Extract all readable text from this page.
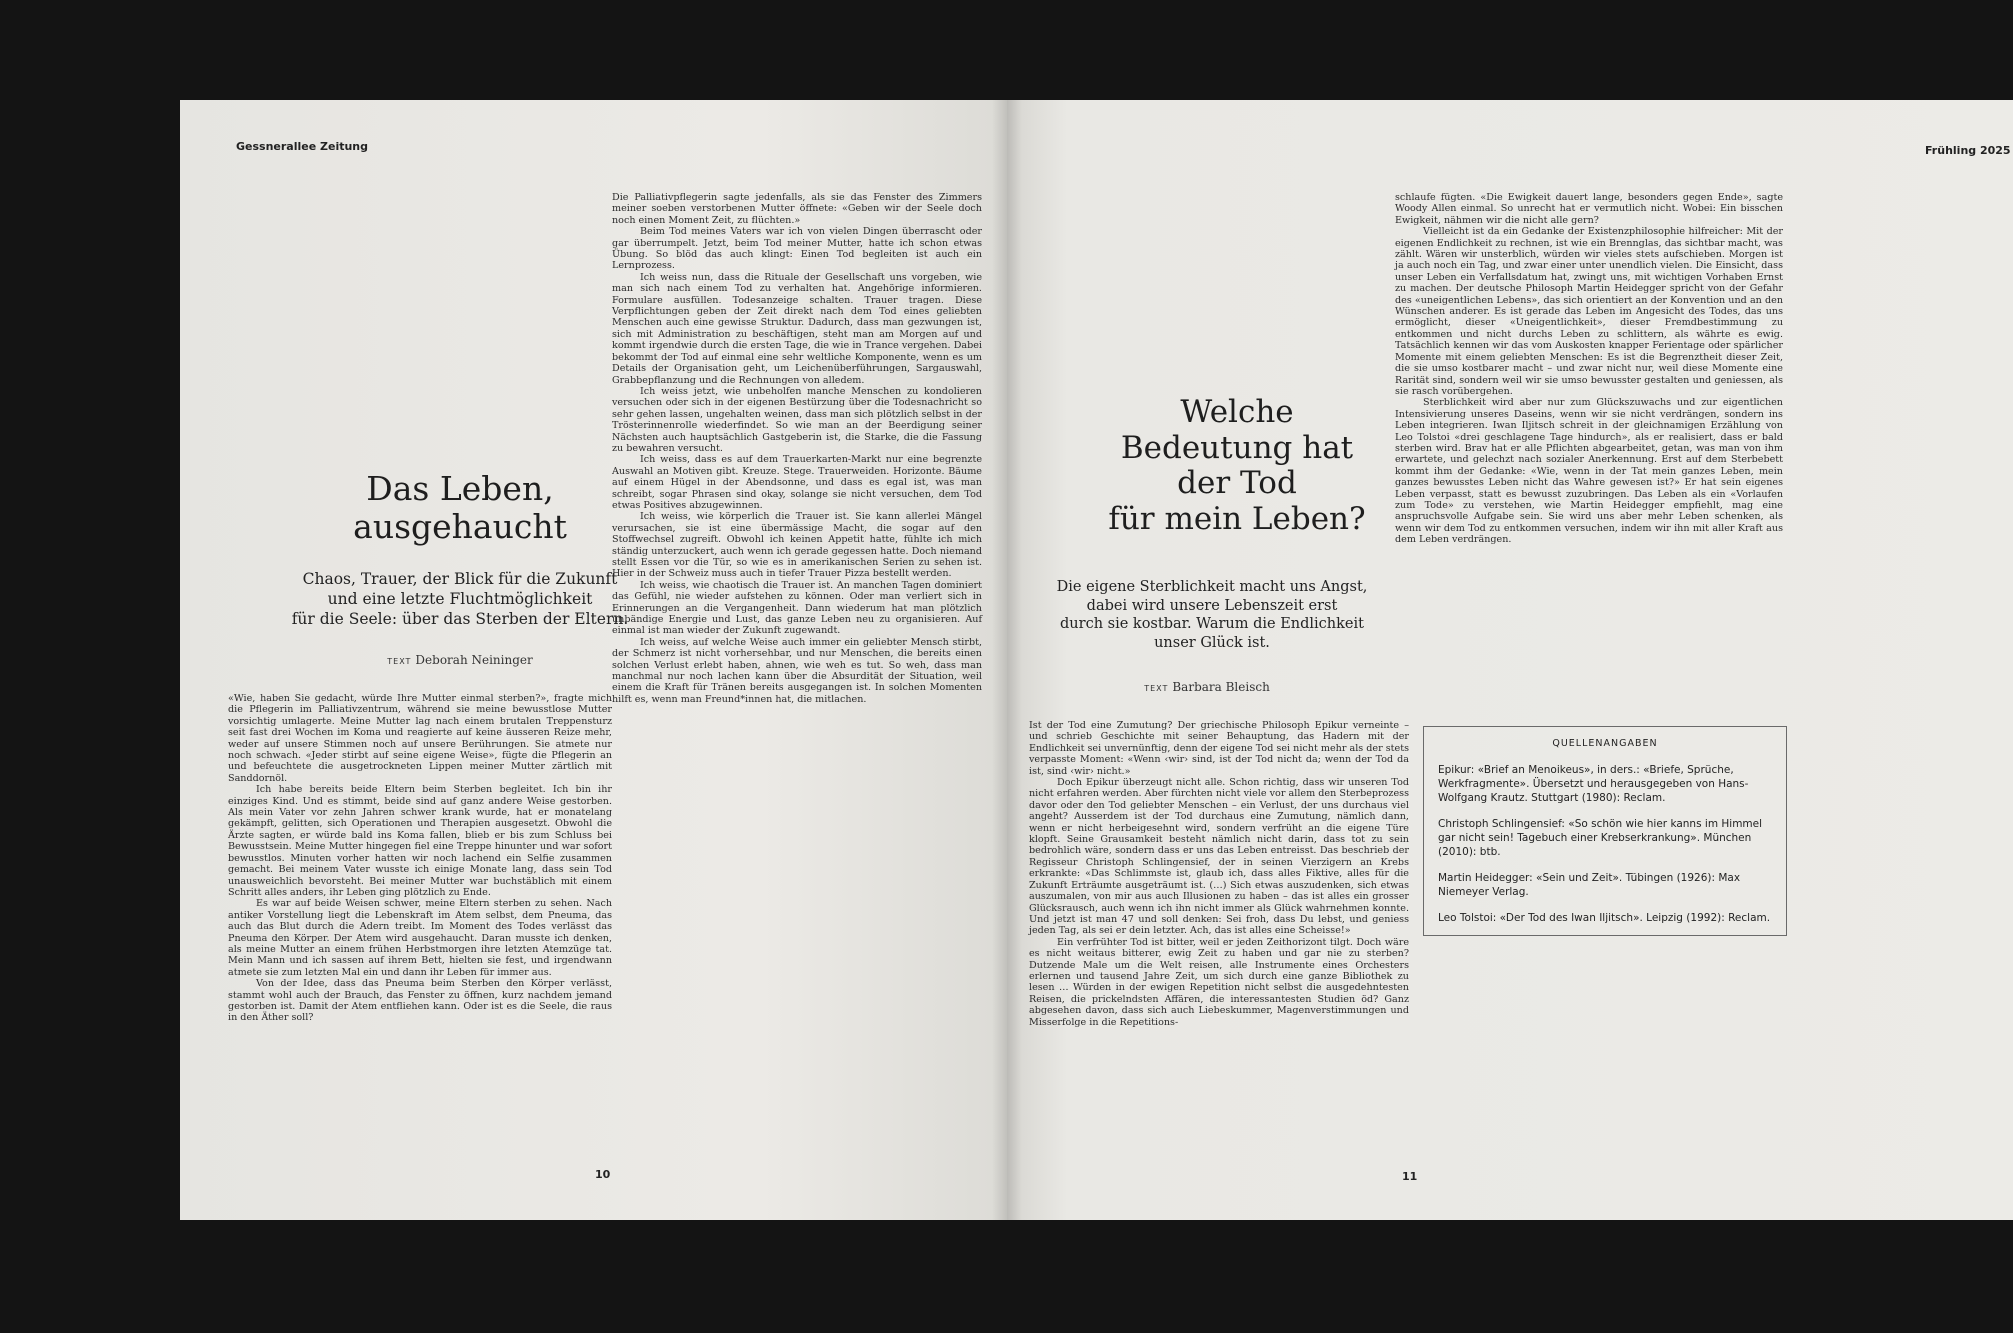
Gessnerallee Zeitung
Das Leben,
ausgehaucht
Chaos, Trauer, der Blick für die Zukunft
und eine letzte Fluchtmöglichkeit
für die Seele: über das Sterben der Eltern.
TEXT Deborah Neininger

«Wie, haben Sie gedacht, würde Ihre Mutter einmal sterben?», fragte mich die Pflegerin im Palliativzentrum, während sie meine bewusstlose Mutter vorsichtig umlagerte. Meine Mutter lag nach einem brutalen Treppensturz seit fast drei Wochen im Koma und reagierte auf keine äusseren Reize mehr, weder auf unsere Stimmen noch auf unsere Berührungen. Sie atmete nur noch schwach. «Jeder stirbt auf seine eigene Weise», fügte die Pflegerin an und befeuchtete die ausgetrockneten Lippen meiner Mutter zärtlich mit Sanddornöl.

Ich habe bereits beide Eltern beim Sterben begleitet. Ich bin ihr einziges Kind. Und es stimmt, beide sind auf ganz andere Weise gestorben. Als mein Vater vor zehn Jahren schwer krank wurde, hat er monatelang gekämpft, gelitten, sich Operationen und Therapien ausgesetzt. Obwohl die Ärzte sagten, er würde bald ins Koma fallen, blieb er bis zum Schluss bei Bewusstsein. Meine Mutter hingegen fiel eine Treppe hinunter und war sofort bewusstlos. Minuten vorher hatten wir noch lachend ein Selfie zusammen gemacht. Bei meinem Vater wusste ich einige Monate lang, dass sein Tod unausweichlich bevorsteht. Bei meiner Mutter war buchstäblich mit einem Schritt alles anders, ihr Leben ging plötzlich zu Ende.

Es war auf beide Weisen schwer, meine Eltern sterben zu sehen. Nach antiker Vorstellung liegt die Lebenskraft im Atem selbst, dem Pneuma, das auch das Blut durch die Adern treibt. Im Moment des Todes verlässt das Pneuma den Körper. Der Atem wird ausgehaucht. Daran musste ich denken, als meine Mutter an einem frühen Herbstmorgen ihre letzten Atemzüge tat. Mein Mann und ich sassen auf ihrem Bett, hielten sie fest, und irgendwann atmete sie zum letzten Mal ein und dann ihr Leben für immer aus.

Von der Idee, dass das Pneuma beim Sterben den Körper verlässt, stammt wohl auch der Brauch, das Fenster zu öffnen, kurz nachdem jemand gestorben ist. Damit der Atem entfliehen kann. Oder ist es die Seele, die raus in den Äther soll?

Die Palliativpflegerin sagte jedenfalls, als sie das Fenster des Zimmers meiner soeben verstorbenen Mutter öffnete: «Geben wir der Seele doch noch einen Moment Zeit, zu flüchten.»

Beim Tod meines Vaters war ich von vielen Dingen überrascht oder gar überrumpelt. Jetzt, beim Tod meiner Mutter, hatte ich schon etwas Übung. So blöd das auch klingt: Einen Tod begleiten ist auch ein Lernprozess.

Ich weiss nun, dass die Rituale der Gesellschaft uns vorgeben, wie man sich nach einem Tod zu verhalten hat. Angehörige informieren. Formulare ausfüllen. Todesanzeige schalten. Trauer tragen. Diese Verpflichtungen geben der Zeit direkt nach dem Tod eines geliebten Menschen auch eine gewisse Struktur. Dadurch, dass man gezwungen ist, sich mit Administration zu beschäftigen, steht man am Morgen auf und kommt irgendwie durch die ersten Tage, die wie in Trance vergehen. Dabei bekommt der Tod auf einmal eine sehr weltliche Komponente, wenn es um Details der Organisation geht, um Leichenüberführungen, Sargauswahl, Grabbepflanzung und die Rechnungen von alledem.

Ich weiss jetzt, wie unbeholfen manche Menschen zu kondolieren versuchen oder sich in der eigenen Bestürzung über die Todesnachricht so sehr gehen lassen, ungehalten weinen, dass man sich plötzlich selbst in der Trösterinnenrolle wiederfindet. So wie man an der Beerdigung seiner Nächsten auch hauptsächlich Gastgeberin ist, die Starke, die die Fassung zu bewahren versucht.

Ich weiss, dass es auf dem Trauerkarten-Markt nur eine begrenzte Auswahl an Motiven gibt. Kreuze. Stege. Trauerweiden. Horizonte. Bäume auf einem Hügel in der Abendsonne, und dass es egal ist, was man schreibt, sogar Phrasen sind okay, solange sie nicht versuchen, dem Tod etwas Positives abzugewinnen.

Ich weiss, wie körperlich die Trauer ist. Sie kann allerlei Mängel verursachen, sie ist eine übermässige Macht, die sogar auf den Stoffwechsel zugreift. Obwohl ich keinen Appetit hatte, fühlte ich mich ständig unterzuckert, auch wenn ich gerade gegessen hatte. Doch niemand stellt Essen vor die Tür, so wie es in amerikanischen Serien zu sehen ist. Hier in der Schweiz muss auch in tiefer Trauer Pizza bestellt werden.

Ich weiss, wie chaotisch die Trauer ist. An manchen Tagen dominiert das Gefühl, nie wieder aufstehen zu können. Oder man verliert sich in Erinnerungen an die Vergangenheit. Dann wiederum hat man plötzlich unbändige Energie und Lust, das ganze Leben neu zu organisieren. Auf einmal ist man wieder der Zukunft zugewandt.

Ich weiss, auf welche Weise auch immer ein geliebter Mensch stirbt, der Schmerz ist nicht vorhersehbar, und nur Menschen, die bereits einen solchen Verlust erlebt haben, ahnen, wie weh es tut. So weh, dass man manchmal nur noch lachen kann über die Absurdität der Situation, weil einem die Kraft für Tränen bereits ausgegangen ist. In solchen Momenten hilft es, wenn man Freund*innen hat, die mitlachen.

10
Frühling 2025

schlaufe fügten. «Die Ewigkeit dauert lange, besonders gegen Ende», sagte Woody Allen einmal. So unrecht hat er vermutlich nicht. Wobei: Ein bisschen Ewigkeit, nähmen wir die nicht alle gern?

Vielleicht ist da ein Gedanke der Existenzphilosophie hilfreicher: Mit der eigenen Endlichkeit zu rechnen, ist wie ein Brennglas, das sichtbar macht, was zählt. Wären wir unsterblich, würden wir vieles stets aufschieben. Morgen ist ja auch noch ein Tag, und zwar einer unter unendlich vielen. Die Einsicht, dass unser Leben ein Verfallsdatum hat, zwingt uns, mit wichtigen Vorhaben Ernst zu machen. Der deutsche Philosoph Martin Heidegger spricht von der Gefahr des «uneigentlichen Lebens», das sich orientiert an der Konvention und an den Wünschen anderer. Es ist gerade das Leben im Angesicht des Todes, das uns ermöglicht, dieser «Uneigentlichkeit», dieser Fremdbestimmung zu entkommen und nicht durchs Leben zu schlittern, als währte es ewig. Tatsächlich kennen wir das vom Auskosten knapper Ferientage oder spärlicher Momente mit einem geliebten Menschen: Es ist die Begrenztheit dieser Zeit, die sie umso kostbarer macht – und zwar nicht nur, weil diese Momente eine Rarität sind, sondern weil wir sie umso bewusster gestalten und geniessen, als sie rasch vorübergehen.

Sterblichkeit wird aber nur zum Glückszuwachs und zur eigentlichen Intensivierung unseres Daseins, wenn wir sie nicht verdrängen, sondern ins Leben integrieren. Iwan Iljitsch schreit in der gleichnamigen Erzählung von Leo Tolstoi «drei geschlagene Tage hindurch», als er realisiert, dass er bald sterben wird. Brav hat er alle Pflichten abgearbeitet, getan, was man von ihm erwartete, und gelechzt nach sozialer Anerkennung. Erst auf dem Sterbebett kommt ihm der Gedanke: «Wie, wenn in der Tat mein ganzes Leben, mein ganzes bewusstes Leben nicht das Wahre gewesen ist?» Er hat sein eigenes Leben verpasst, statt es bewusst zuzubringen. Das Leben als ein «Vorlaufen zum Tode» zu verstehen, wie Martin Heidegger empfiehlt, mag eine anspruchsvolle Aufgabe sein. Sie wird uns aber mehr Leben schenken, als wenn wir dem Tod zu entkommen versuchen, indem wir ihn mit aller Kraft aus dem Leben verdrängen.

Welche
Bedeutung hat
der Tod
für mein Leben?
Die eigene Sterblichkeit macht uns Angst,
dabei wird unsere Lebenszeit erst
durch sie kostbar. Warum die Endlichkeit
unser Glück ist.
TEXT Barbara Bleisch

Ist der Tod eine Zumutung? Der griechische Philosoph Epikur verneinte – und schrieb Geschichte mit seiner Behauptung, das Hadern mit der Endlichkeit sei unvernünftig, denn der eigene Tod sei nicht mehr als der stets verpasste Moment: «Wenn ‹wir› sind, ist der Tod nicht da; wenn der Tod da ist, sind ‹wir› nicht.»

Doch Epikur überzeugt nicht alle. Schon richtig, dass wir unseren Tod nicht erfahren werden. Aber fürchten nicht viele vor allem den Sterbeprozess davor oder den Tod geliebter Menschen – ein Verlust, der uns durchaus viel angeht? Ausserdem ist der Tod durchaus eine Zumutung, nämlich dann, wenn er nicht herbeigesehnt wird, sondern verfrüht an die eigene Türe klopft. Seine Grausamkeit besteht nämlich nicht darin, dass tot zu sein bedrohlich wäre, sondern dass er uns das Leben entreisst. Das beschrieb der Regisseur Christoph Schlingensief, der in seinen Vierzigern an Krebs erkrankte: «Das Schlimmste ist, glaub ich, dass alles Fiktive, alles für die Zukunft Erträumte ausgeträumt ist. (…) Sich etwas auszudenken, sich etwas auszumalen, von mir aus auch Illusionen zu haben – das ist alles ein grosser Glücksrausch, auch wenn ich ihn nicht immer als Glück wahrnehmen konnte. Und jetzt ist man 47 und soll denken: Sei froh, dass Du lebst, und geniess jeden Tag, als sei er dein letzter. Ach, das ist alles eine Scheisse!»

Ein verfrühter Tod ist bitter, weil er jeden Zeithorizont tilgt. Doch wäre es nicht weitaus bitterer, ewig Zeit zu haben und gar nie zu sterben? Dutzende Male um die Welt reisen, alle Instrumente eines Orchesters erlernen und tausend Jahre Zeit, um sich durch eine ganze Bibliothek zu lesen … Würden in der ewigen Repetition nicht selbst die ausgedehntesten Reisen, die prickelndsten Affären, die interessantesten Studien öd? Ganz abgesehen davon, dass sich auch Liebeskummer, Magenverstimmungen und Misserfolge in die Repetitions-

QUELLENANGABEN

Epikur: «Brief an Menoikeus», in ders.: «Briefe, Sprüche, Werkfragmente». Übersetzt und herausgegeben von Hans-Wolfgang Krautz. Stuttgart (1980): Reclam.

Christoph Schlingensief: «So schön wie hier kanns im Himmel gar nicht sein! Tagebuch einer Krebserkrankung». München (2010): btb.

Martin Heidegger: «Sein und Zeit». Tübingen (1926): Max Niemeyer Verlag.

Leo Tolstoi: «Der Tod des Iwan Iljitsch». Leipzig (1992): Reclam.

11
